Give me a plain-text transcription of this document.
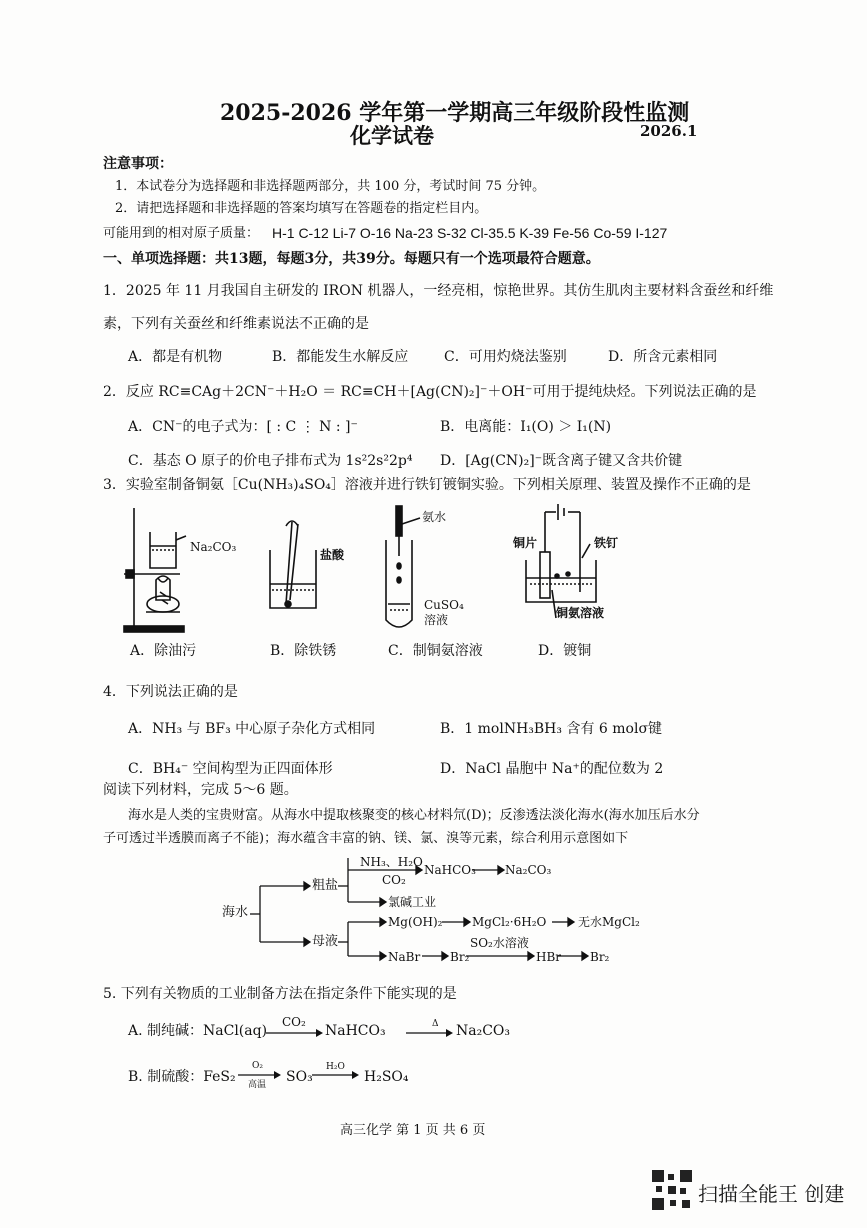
2025-2026 学年第一学期高三年级阶段性监测
化学试卷	2026.1
注意事项：
1．本试卷分为选择题和非选择题两部分，共 100 分，考试时间 75 分钟。
2．请把选择题和非选择题的答案均填写在答题卷的指定栏目内。
可能用到的相对原子质量： H-1 C-12 Li-7 O-16 Na-23 S-32 Cl-35.5 K-39 Fe-56 Co-59 I-127
一、单项选择题：共13题，每题3分，共39分。每题只有一个选项最符合题意。
1．2025 年 11 月我国自主研发的 IRON 机器人，一经亮相，惊艳世界。其仿生肌肉主要材料含蚕丝和纤维
素，下列有关蚕丝和纤维素说法不正确的是
A．都是有机物	B．都能发生水解反应	C．可用灼烧法鉴别	D．所含元素相同
2．反应 RC≡CAg＋2CN⁻＋H₂O ＝ RC≡CH＋[Ag(CN)₂]⁻＋OH⁻可用于提纯炔烃。下列说法正确的是
A．CN⁻的电子式为：[ : C ⋮ N : ]⁻	B．电离能：I₁(O) ＞ I₁(N)
C．基态 O 原子的价电子排布式为 1s²2s²2p⁴ D．[Ag(CN)₂]⁻既含离子键又含共价键
3．实验室制备铜氨［Cu(NH₃)₄SO₄］溶液并进行铁钉镀铜实验。下列相关原理、装置及操作不正确的是
Na₂CO₃
盐酸
氨水
CuSO₄
溶液
铜片	铁钉
铜氨溶液
A．除油污	B．除铁锈	C．制铜氨溶液	D．镀铜
4．下列说法正确的是
A．NH₃ 与 BF₃ 中心原子杂化方式相同	B．1 molNH₃BH₃ 含有 6 molσ键
C．BH₄⁻ 空间构型为正四面体形	D．NaCl 晶胞中 Na⁺的配位数为 2
阅读下列材料，完成 5～6 题。
海水是人类的宝贵财富。从海水中提取核聚变的核心材料氘(D)；反渗透法淡化海水(海水加压后水分
子可透过半透膜而离子不能)；海水蕴含丰富的钠、镁、氯、溴等元素，综合利用示意图如下
海水
粗盐
母液
NH₃、H₂O
CO₂
NaHCO₃ Na₂CO₃
氯碱工业
Mg(OH)₂ MgCl₂·6H₂O	无水MgCl₂
NaBr Br₂
SO₂水溶液
HBr Br₂
5. 下列有关物质的工业制备方法在指定条件下能实现的是
A. 制纯碱：NaCl(aq)
CO₂
NaHCO₃	Δ Na₂CO₃
B. 制硫酸：FeS₂
O₂
高温 SO₃
H₂O
H₂SO₄
高三化学 第 1 页 共 6 页
扫描全能王 创建
